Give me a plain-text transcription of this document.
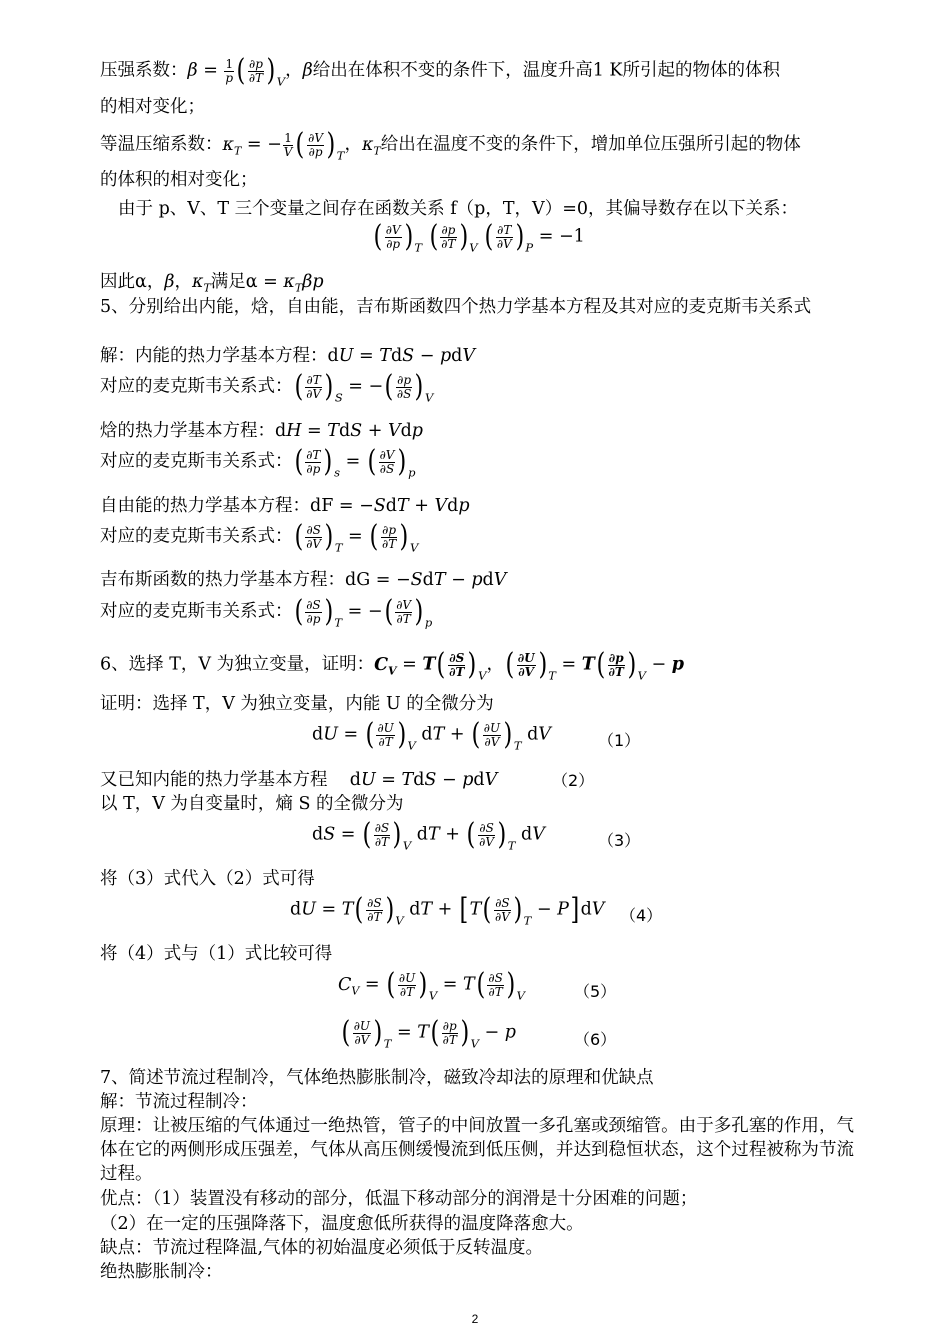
压强系数：$\beta = \frac{1}{p}$ ( $\frac{\partial p}{\partial T} )_V$，β给出在体积不变的条件下，温度升高1 K所引起的物体的体积
的相对变化；
等温压缩系数：$\kappa_T$ = − $\frac{1}{V}$ ( $\frac{\partial V}{\partial p} )_T$，$\kappa_T$给出在温度不变的条件下，增加单位压强所引起的物体
的体积的相对变化；
由于 p、V、T 三个变量之间存在函数关系 f（p，T，V）=0，其偏导数存在以下关系：
( $\frac{\partial V}{\partial p} )_T$ ( $\frac{\partial p}{\partial T} )_V$ ( $\frac{\partial T}{\partial V} )_P = -1$
因此α，β，$\kappa_T$满足$\alpha = \kappa_T\beta p$
5、分别给出内能，焓，自由能，吉布斯函数四个热力学基本方程及其对应的麦克斯韦关系式
解：内能的热力学基本方程：dU = TdS − pdV
对应的麦克斯韦关系式：( $\frac{\partial T}{\partial V} )_S$ = −( $\frac{\partial p}{\partial S} )_V$
焓的热力学基本方程：dH = TdS + Vdp
对应的麦克斯韦关系式：( $\frac{\partial T}{\partial p} )_s$ = ( $\frac{\partial V}{\partial S} )_p$
自由能的热力学基本方程：dF = −SdT + Vdp
对应的麦克斯韦关系式：( $\frac{\partial S}{\partial V} )_T$ = ( $\frac{\partial p}{\partial T} )_V$
吉布斯函数的热力学基本方程：dG = −SdT − pdV
对应的麦克斯韦关系式：( $\frac{\partial S}{\partial p} )_T$ = −( $\frac{\partial V}{\partial T} )_p$
6、选择 T，V 为独立变量，证明：$C_V = T( \frac{\partial S}{\partial T} )_V$，( $\frac{\partial U}{\partial V} )_T = T( \frac{\partial p}{\partial T} )_V - p$
证明：选择 T，V 为独立变量，内能 U 的全微分为
dU = ( $\frac{\partial U}{\partial T} )_V$ dT + ( $\frac{\partial U}{\partial V} )_T$ dV	（1）
又已知内能的热力学基本方程    dU = TdS − pdV	（2）
以 T，V 为自变量时，熵 S 的全微分为
dS = ( $\frac{\partial S}{\partial T} )_V$ dT + ( $\frac{\partial S}{\partial V} )_T$ dV	（3）
将（3）式代入（2）式可得
dU = $T( \frac{\partial S}{\partial T} )_V$ dT + $[T( \frac{\partial S}{\partial V} )_T - P]dV$ （4）
将（4）式与（1）式比较可得
$C_V$ = ( $\frac{\partial U}{\partial T} )_V = T( \frac{\partial S}{\partial T} )_V$	（5）
( $\frac{\partial U}{\partial V} )_T = T( \frac{\partial p}{\partial T} )_V - p$	（6）
7、简述节流过程制冷，气体绝热膨胀制冷，磁致冷却法的原理和优缺点
解：节流过程制冷：
原理：让被压缩的气体通过一绝热管，管子的中间放置一多孔塞或颈缩管。由于多孔塞的作用，气体在它的两侧形成压强差，气体从高压侧缓慢流到低压侧，并达到稳恒状态，这个过程被称为节流过程。
优点：（1）装置没有移动的部分，低温下移动部分的润滑是十分困难的问题；
（2）在一定的压强降落下，温度愈低所获得的温度降落愈大。
缺点：节流过程降温,气体的初始温度必须低于反转温度。
绝热膨胀制冷：
2
